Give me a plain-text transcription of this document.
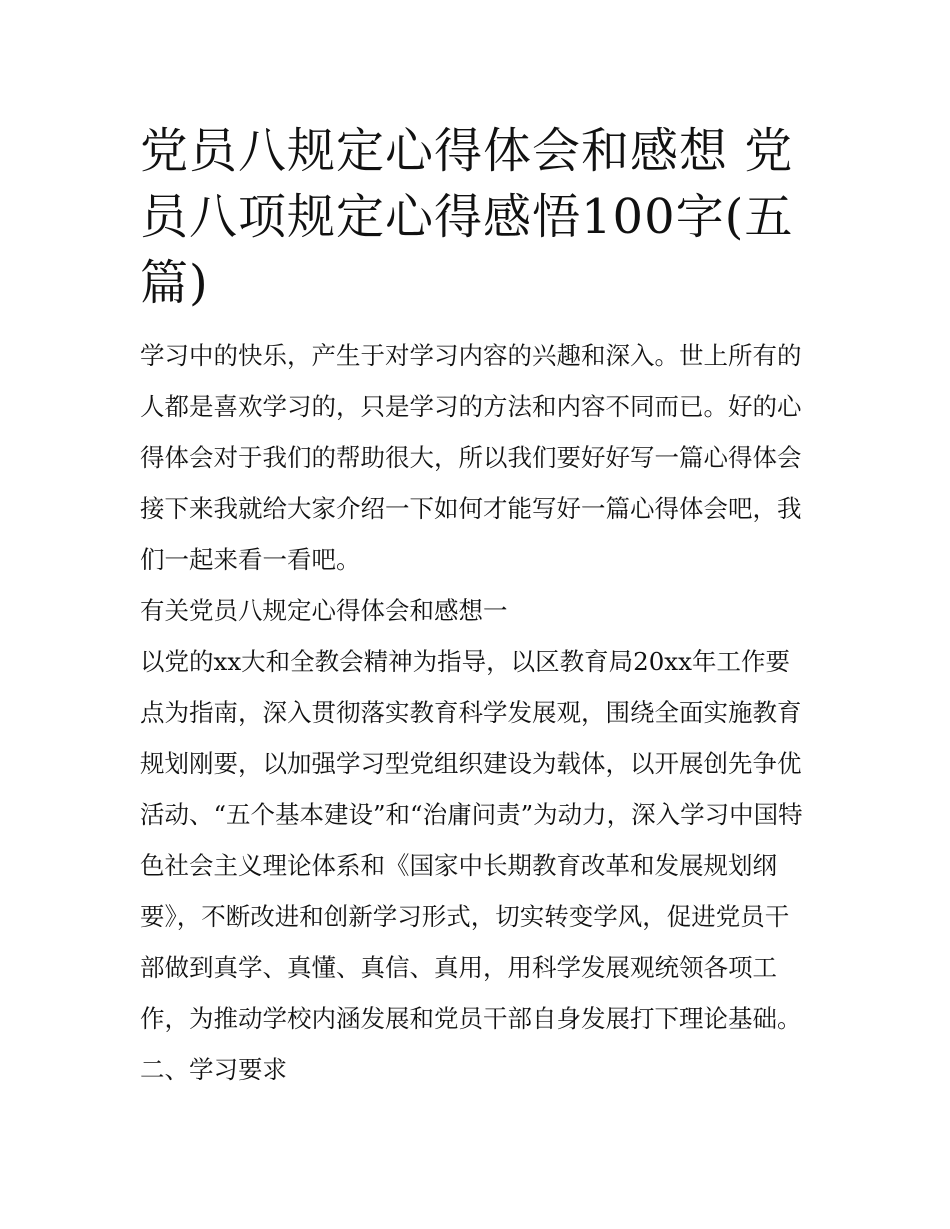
党员八规定心得体会和感想 党员八项规定心得感悟100字(五篇)

学习中的快乐，产生于对学习内容的兴趣和深入。世上所有的人都是喜欢学习的，只是学习的方法和内容不同而已。好的心得体会对于我们的帮助很大，所以我们要好好写一篇心得体会接下来我就给大家介绍一下如何才能写好一篇心得体会吧，我们一起来看一看吧。

有关党员八规定心得体会和感想一

以党的xx大和全教会精神为指导，以区教育局20xx年工作要点为指南，深入贯彻落实教育科学发展观，围绕全面实施教育规划刚要，以加强学习型党组织建设为载体，以开展创先争优活动、“五个基本建设”和“治庸问责”为动力，深入学习中国特色社会主义理论体系和《国家中长期教育改革和发展规划纲要》，不断改进和创新学习形式，切实转变学风，促进党员干部做到真学、真懂、真信、真用，用科学发展观统领各项工作，为推动学校内涵发展和党员干部自身发展打下理论基础。

二、学习要求
